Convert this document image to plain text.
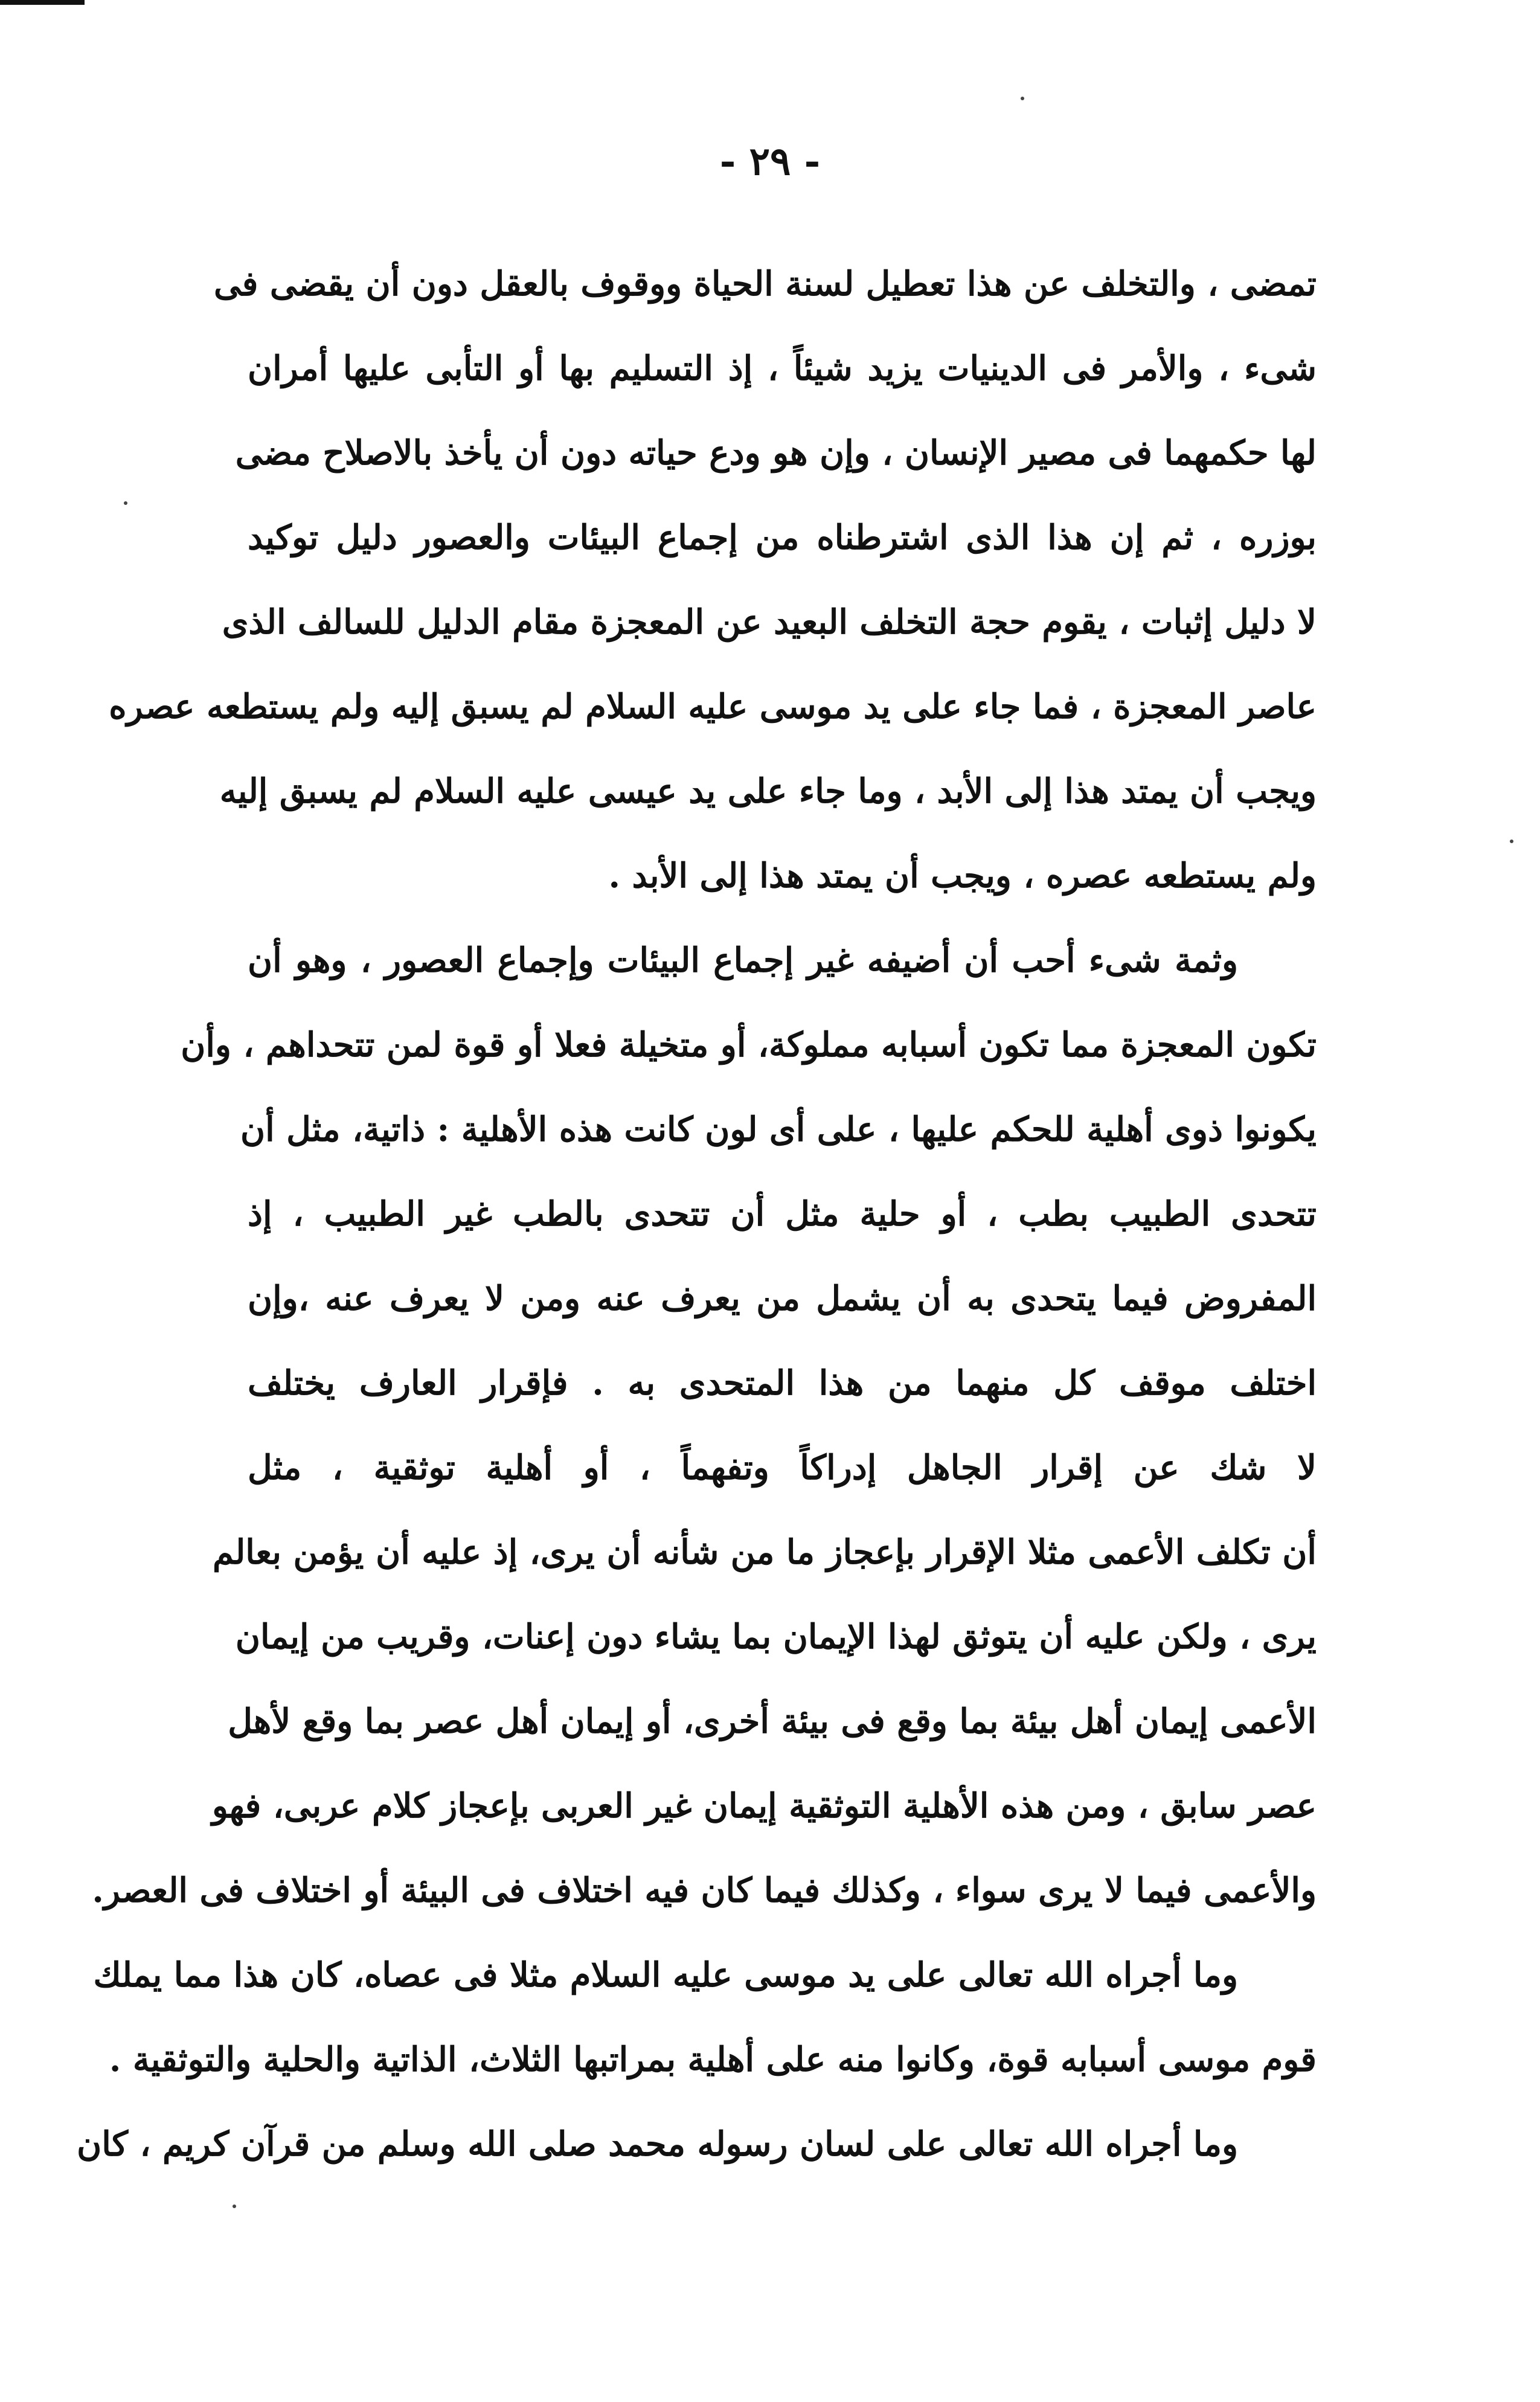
- ٢٩ -
تمضى ، والتخلف عن هذا تعطيل لسنة الحياة ووقوف بالعقل دون أن يقضى فى
شىء ، والأمر فى الدينيات يزيد شيئاً ، إذ التسليم بها أو التأبى عليها أمران
لها حكمهما فى مصير الإنسان ، وإن هو ودع حياته دون أن يأخذ بالاصلاح مضى
بوزره ، ثم إن هذا الذى اشترطناه من إجماع البيئات والعصور دليل توكيد
لا دليل إثبات ، يقوم حجة التخلف البعيد عن المعجزة مقام الدليل للسالف الذى
عاصر المعجزة ، فما جاء على يد موسى عليه السلام لم يسبق إليه ولم يستطعه عصره
ويجب أن يمتد هذا إلى الأبد ، وما جاء على يد عيسى عليه السلام لم يسبق إليه
ولم يستطعه عصره ، ويجب أن يمتد هذا إلى الأبد .
وثمة شىء أحب أن أضيفه غير إجماع البيئات وإجماع العصور ، وهو أن
تكون المعجزة مما تكون أسبابه مملوكة، أو متخيلة فعلا أو قوة لمن تتحداهم ، وأن
يكونوا ذوى أهلية للحكم عليها ، على أى لون كانت هذه الأهلية : ذاتية، مثل أن
تتحدى الطبيب بطب ، أو حلية مثل أن تتحدى بالطب غير الطبيب ، إذ
المفروض فيما يتحدى به أن يشمل من يعرف عنه ومن لا يعرف عنه ،وإن
اختلف موقف كل منهما من هذا المتحدى به . فإقرار العارف يختلف
لا شك عن إقرار الجاهل إدراكاً وتفهماً ، أو أهلية توثقية ، مثل
أن تكلف الأعمى مثلا الإقرار بإعجاز ما من شأنه أن يرى، إذ عليه أن يؤمن بعالم
يرى ، ولكن عليه أن يتوثق لهذا الإيمان بما يشاء دون إعنات، وقريب من إيمان
الأعمى إيمان أهل بيئة بما وقع فى بيئة أخرى، أو إيمان أهل عصر بما وقع لأهل
عصر سابق ، ومن هذه الأهلية التوثقية إيمان غير العربى بإعجاز كلام عربى، فهو
والأعمى فيما لا يرى سواء ، وكذلك فيما كان فيه اختلاف فى البيئة أو اختلاف فى العصر.
وما أجراه الله تعالى على يد موسى عليه السلام مثلا فى عصاه، كان هذا مما يملك
قوم موسى أسبابه قوة، وكانوا منه على أهلية بمراتبها الثلاث، الذاتية والحلية والتوثقية .
وما أجراه الله تعالى على لسان رسوله محمد صلى الله وسلم من قرآن كريم ، كان
